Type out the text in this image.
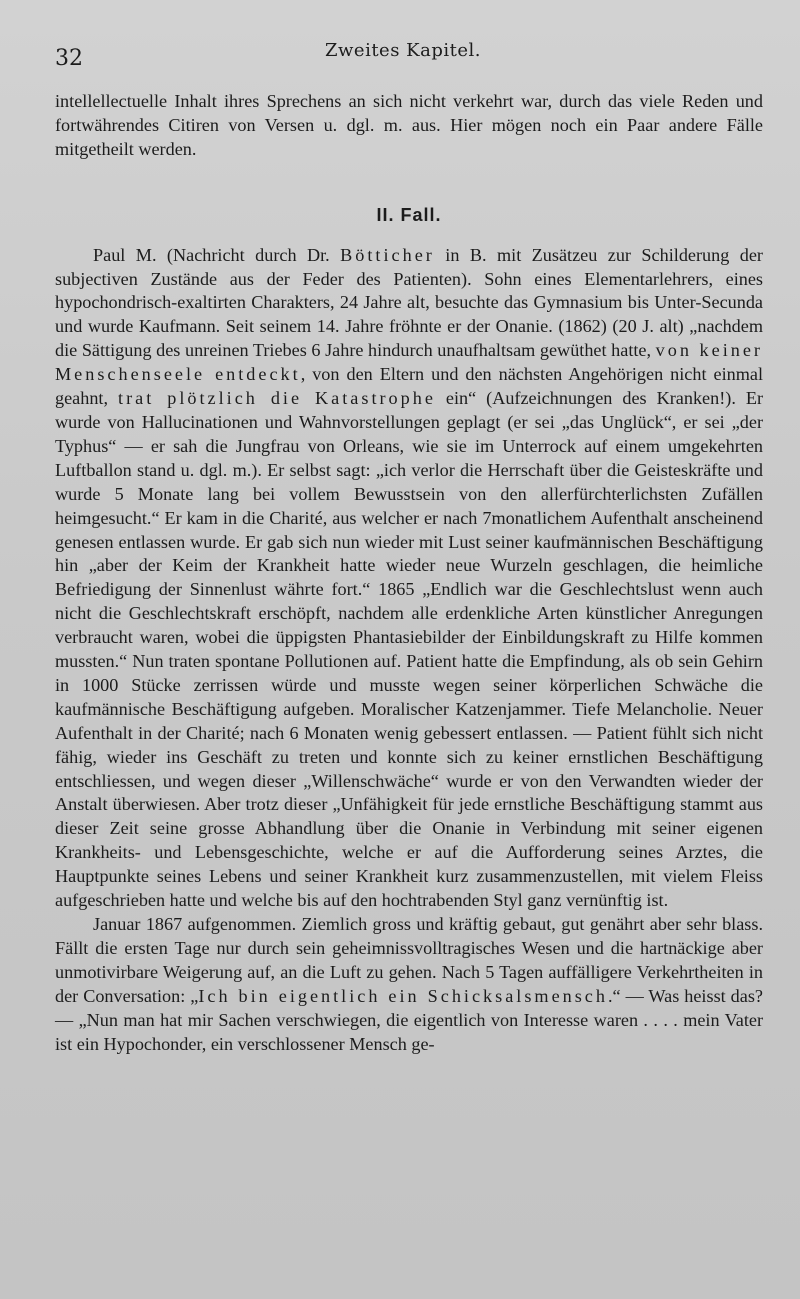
32	Zweites Kapitel.

intellellectuelle Inhalt ihres Sprechens an sich nicht verkehrt war, durch das viele Reden und fortwährendes Citiren von Versen u. dgl. m. aus. Hier mögen noch ein Paar andere Fälle mitgetheilt werden.

II. Fall.

Paul M. (Nachricht durch Dr. Bötticher in B. mit Zusätzeu zur Schilderung der subjectiven Zustände aus der Feder des Patienten). Sohn eines Elementarlehrers, eines hypochondrisch-exaltirten Charakters, 24 Jahre alt, besuchte das Gymnasium bis Unter-Secunda und wurde Kaufmann. Seit seinem 14. Jahre fröhnte er der Onanie. (1862) (20 J. alt) „nachdem die Sättigung des unreinen Triebes 6 Jahre hindurch unaufhaltsam gewüthet hatte, von keiner Menschenseele entdeckt, von den Eltern und den nächsten Angehörigen nicht einmal geahnt, trat plötzlich die Katastrophe ein“ (Aufzeichnungen des Kranken!). Er wurde von Hallucinationen und Wahnvorstellungen geplagt (er sei „das Unglück“, er sei „der Typhus“ — er sah die Jungfrau von Orleans, wie sie im Unterrock auf einem umgekehrten Luftballon stand u. dgl. m.). Er selbst sagt: „ich verlor die Herrschaft über die Geisteskräfte und wurde 5 Monate lang bei vollem Bewusstsein von den allerfürchterlichsten Zufällen heimgesucht.“ Er kam in die Charité, aus welcher er nach 7monatlichem Aufenthalt anscheinend genesen entlassen wurde. Er gab sich nun wieder mit Lust seiner kaufmännischen Beschäftigung hin „aber der Keim der Krankheit hatte wieder neue Wurzeln geschlagen, die heimliche Befriedigung der Sinnenlust währte fort.“ 1865 „Endlich war die Geschlechtslust wenn auch nicht die Geschlechtskraft erschöpft, nachdem alle erdenkliche Arten künstlicher Anregungen verbraucht waren, wobei die üppigsten Phantasiebilder der Einbildungskraft zu Hilfe kommen mussten.“ Nun traten spontane Pollutionen auf. Patient hatte die Empfindung, als ob sein Gehirn in 1000 Stücke zerrissen würde und musste wegen seiner körperlichen Schwäche die kaufmännische Beschäftigung aufgeben. Moralischer Katzenjammer. Tiefe Melancholie. Neuer Aufenthalt in der Charité; nach 6 Monaten wenig gebessert entlassen. — Patient fühlt sich nicht fähig, wieder ins Geschäft zu treten und konnte sich zu keiner ernstlichen Beschäftigung entschliessen, und wegen dieser „Willenschwäche“ wurde er von den Verwandten wieder der Anstalt überwiesen. Aber trotz dieser „Unfähigkeit für jede ernstliche Beschäftigung stammt aus dieser Zeit seine grosse Abhandlung über die Onanie in Verbindung mit seiner eigenen Krankheits- und Lebensgeschichte, welche er auf die Aufforderung seines Arztes, die Hauptpunkte seines Lebens und seiner Krankheit kurz zusammenzustellen, mit vielem Fleiss aufgeschrieben hatte und welche bis auf den hochtrabenden Styl ganz vernünftig ist.

Januar 1867 aufgenommen. Ziemlich gross und kräftig gebaut, gut genährt aber sehr blass. Fällt die ersten Tage nur durch sein geheimnissvolltragisches Wesen und die hartnäckige aber unmotivirbare Weigerung auf, an die Luft zu gehen. Nach 5 Tagen auffälligere Verkehrtheiten in der Conversation: „Ich bin eigentlich ein Schicksalsmensch.“ — Was heisst das? — „Nun man hat mir Sachen verschwiegen, die eigentlich von Interesse waren . . . . mein Vater ist ein Hypochonder, ein verschlossener Mensch ge-
